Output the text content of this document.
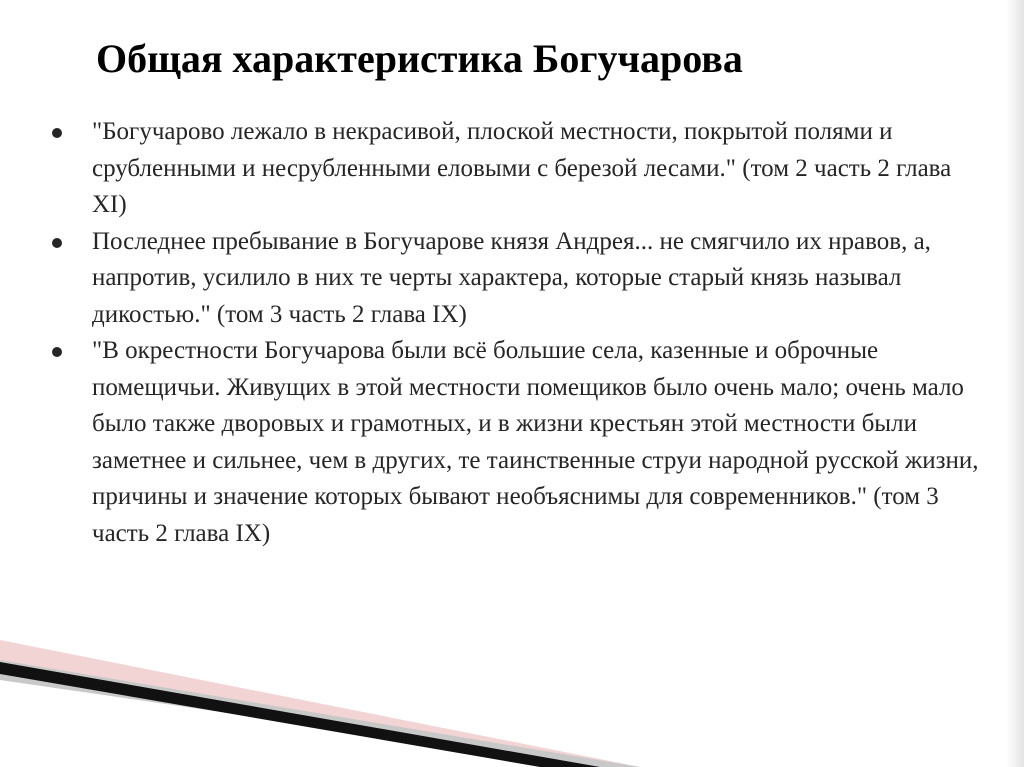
Общая характеристика Богучарова
"Богучарово лежало в некрасивой, плоской местности, покрытой полями и срубленными и несрубленными еловыми с березой лесами." (том 2 часть 2 глава XI)
Последнее пребывание в Богучарове князя Андрея... не смягчило их нравов, а, напротив, усилило в них те черты характера, которые старый князь называл дикостью." (том 3 часть 2 глава IX)
"В окрестности Богучарова были всё большие села, казенные и оброчные помещичьи. Живущих в этой местности помещиков было очень мало; очень мало было также дворовых и грамотных, и в жизни крестьян этой местности были заметнее и сильнее, чем в других, те таинственные струи народной русской жизни, причины и значение которых бывают необъяснимы для современников." (том 3 часть 2 глава IX)
